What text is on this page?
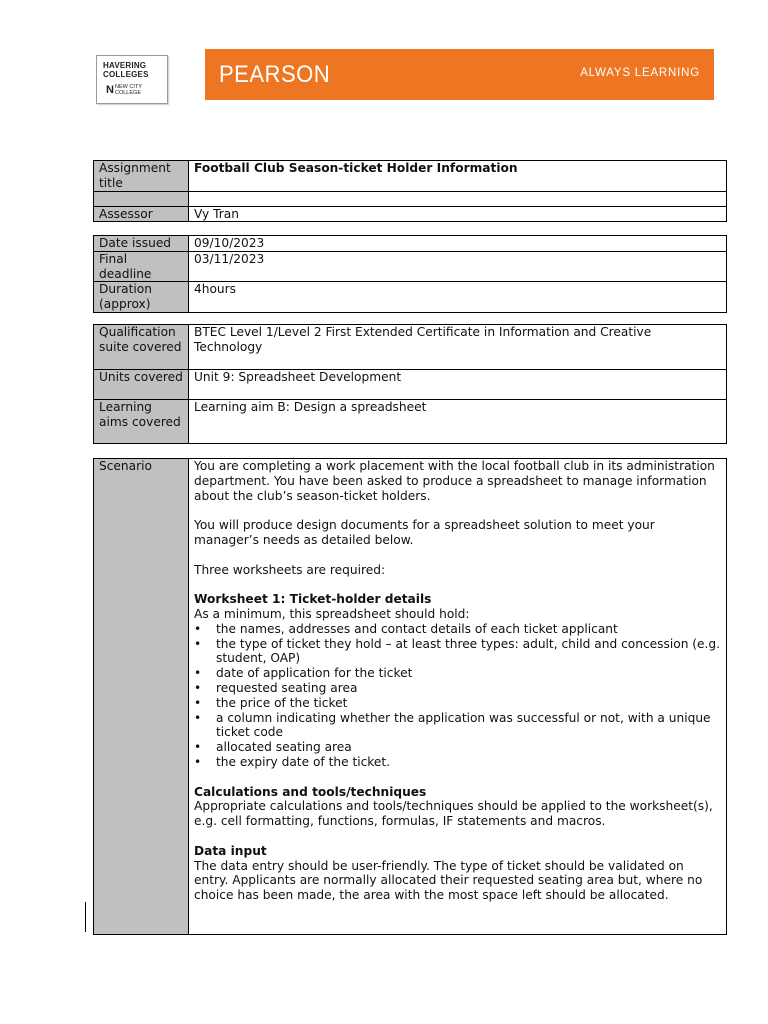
HAVERING
COLLEGES
N NEW CITY COLLEGE
PEARSON	ALWAYS LEARNING
Assignment title	Football Club Season-ticket Holder Information

Assessor	Vy Tran
Date issued	09/10/2023
Final deadline	03/11/2023
Duration (approx)	4hours
Qualification suite covered	BTEC Level 1/Level 2 First Extended Certificate in Information and Creative Technology
Units covered	Unit 9: Spreadsheet Development
Learning aims covered	Learning aim B: Design a spreadsheet
Scenario	You are completing a work placement with the local football club in its administration department. You have been asked to produce a spreadsheet to manage information about the club’s season-ticket holders.
You will produce design documents for a spreadsheet solution to meet your manager’s needs as detailed below.
Three worksheets are required:
Worksheet 1: Ticket-holder details
As a minimum, this spreadsheet should hold:
• the names, addresses and contact details of each ticket applicant
• the type of ticket they hold – at least three types: adult, child and concession (e.g. student, OAP)
• date of application for the ticket
• requested seating area
• the price of the ticket
• a column indicating whether the application was successful or not, with a unique ticket code
• allocated seating area
• the expiry date of the ticket.
Calculations and tools/techniques
Appropriate calculations and tools/techniques should be applied to the worksheet(s), e.g. cell formatting, functions, formulas, IF statements and macros.
Data input
The data entry should be user-friendly. The type of ticket should be validated on entry. Applicants are normally allocated their requested seating area but, where no choice has been made, the area with the most space left should be allocated.
